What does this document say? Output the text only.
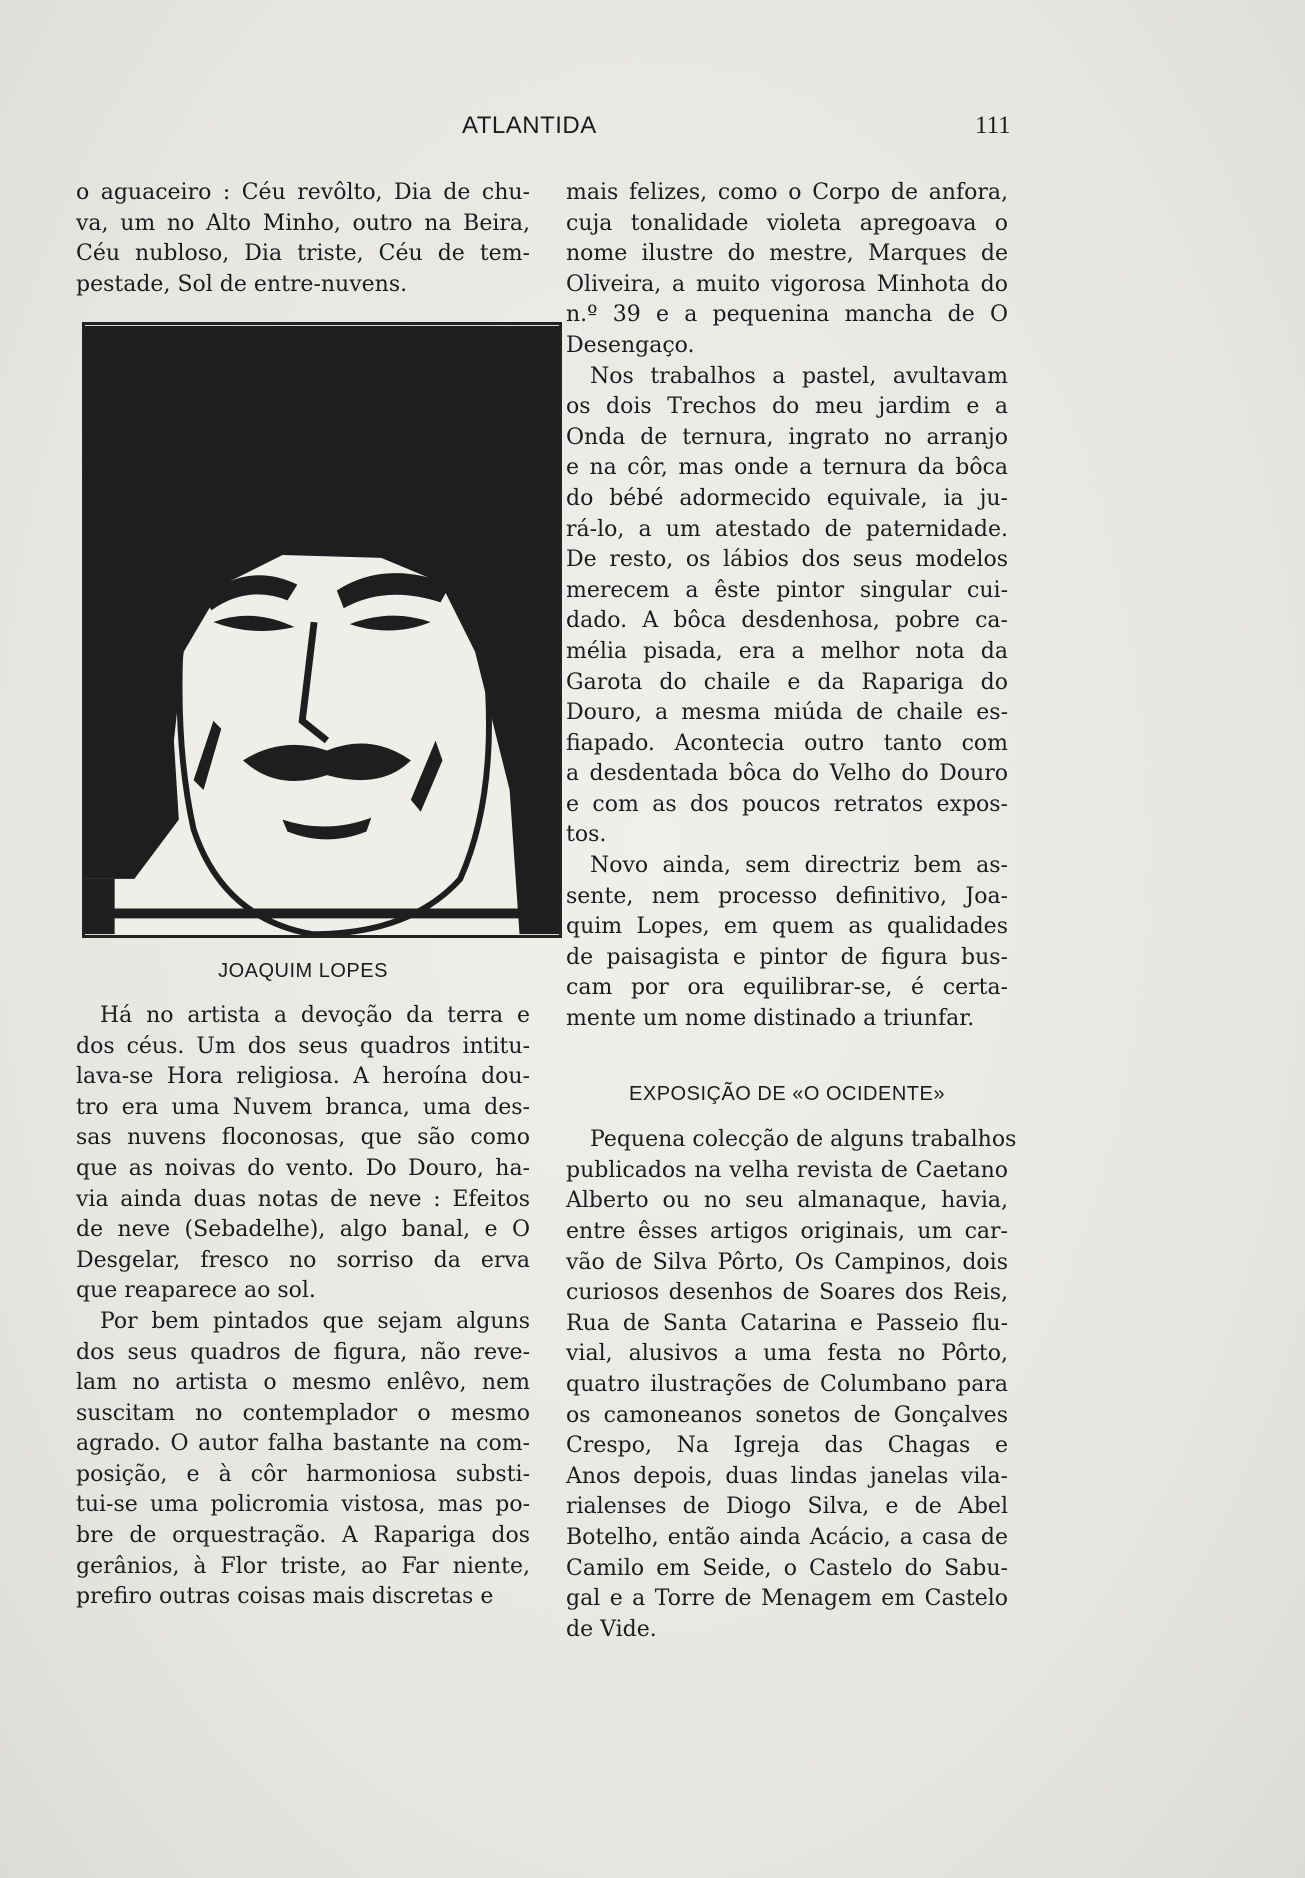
ATLANTIDA	111

o aguaceiro : Céu revôlto, Dia de chu-
va, um no Alto Minho, outro na Beira,
Céu nubloso, Dia triste, Céu de tem-
pestade, Sol de entre-nuvens.

JOAQUIM LOPES

Há no artista a devoção da terra e
dos céus. Um dos seus quadros intitu-
lava-se Hora religiosa. A heroína dou-
tro era uma Nuvem branca, uma des-
sas nuvens floconosas, que são como
que as noivas do vento. Do Douro, ha-
via ainda duas notas de neve : Efeitos
de neve (Sebadelhe), algo banal, e O
Desgelar, fresco no sorriso da erva
que reaparece ao sol.

Por bem pintados que sejam alguns
dos seus quadros de figura, não reve-
lam no artista o mesmo enlêvo, nem
suscitam no contemplador o mesmo
agrado. O autor falha bastante na com-
posição, e à côr harmoniosa substi-
tui-se uma policromia vistosa, mas po-
bre de orquestração. A Rapariga dos
gerânios, à Flor triste, ao Far niente,
prefiro outras coisas mais discretas e

mais felizes, como o Corpo de anfora,
cuja tonalidade violeta apregoava o
nome ilustre do mestre, Marques de
Oliveira, a muito vigorosa Minhota do
n.º 39 e a pequenina mancha de O
Desengaço.

Nos trabalhos a pastel, avultavam
os dois Trechos do meu jardim e a
Onda de ternura, ingrato no arranjo
e na côr, mas onde a ternura da bôca
do bébé adormecido equivale, ia ju-
rá-lo, a um atestado de paternidade.
De resto, os lábios dos seus modelos
merecem a êste pintor singular cui-
dado. A bôca desdenhosa, pobre ca-
mélia pisada, era a melhor nota da
Garota do chaile e da Rapariga do
Douro, a mesma miúda de chaile es-
fiapado. Acontecia outro tanto com
a desdentada bôca do Velho do Douro
e com as dos poucos retratos expos-
tos.

Novo ainda, sem directriz bem as-
sente, nem processo definitivo, Joa-
quim Lopes, em quem as qualidades
de paisagista e pintor de figura bus-
cam por ora equilibrar-se, é certa-
mente um nome distinado a triunfar.

EXPOSIÇÃO DE «O OCIDENTE»

Pequena colecção de alguns trabalhos
publicados na velha revista de Caetano
Alberto ou no seu almanaque, havia,
entre êsses artigos originais, um car-
vão de Silva Pôrto, Os Campinos, dois
curiosos desenhos de Soares dos Reis,
Rua de Santa Catarina e Passeio flu-
vial, alusivos a uma festa no Pôrto,
quatro ilustrações de Columbano para
os camoneanos sonetos de Gonçalves
Crespo, Na Igreja das Chagas e
Anos depois, duas lindas janelas vila-
rialenses de Diogo Silva, e de Abel
Botelho, então ainda Acácio, a casa de
Camilo em Seide, o Castelo do Sabu-
gal e a Torre de Menagem em Castelo
de Vide.
